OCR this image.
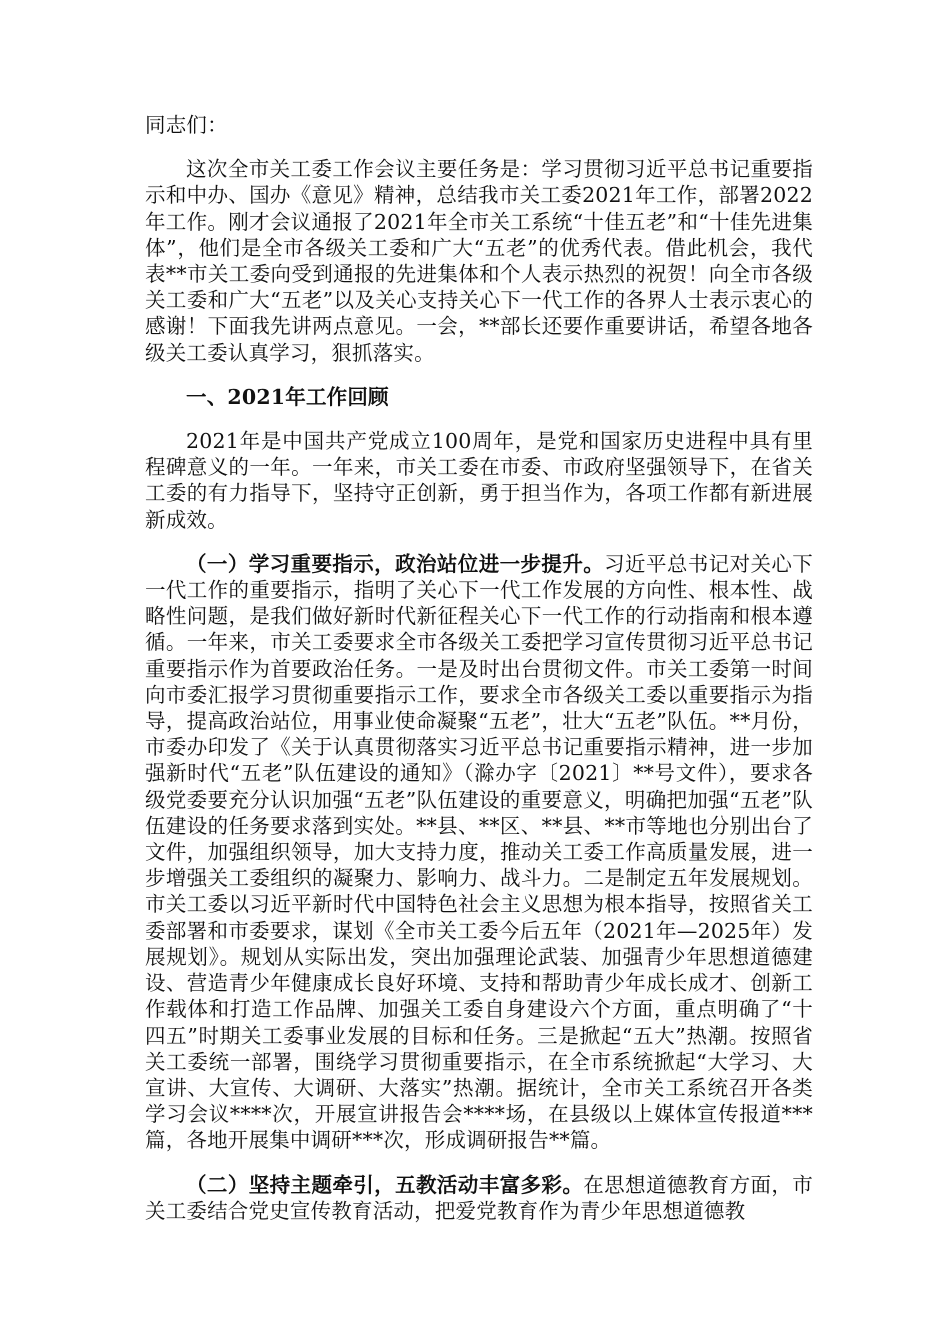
同志们：

这次全市关工委工作会议主要任务是：学习贯彻习近平总书记重要指示和中办、国办《意见》精神，总结我市关工委2021年工作，部署2022年工作。刚才会议通报了2021年全市关工系统“十佳五老”和“十佳先进集体”，他们是全市各级关工委和广大“五老”的优秀代表。借此机会，我代表**市关工委向受到通报的先进集体和个人表示热烈的祝贺！向全市各级关工委和广大“五老”以及关心支持关心下一代工作的各界人士表示衷心的感谢！下面我先讲两点意见。一会，**部长还要作重要讲话，希望各地各级关工委认真学习，狠抓落实。

一、2021年工作回顾

2021年是中国共产党成立100周年，是党和国家历史进程中具有里程碑意义的一年。一年来，市关工委在市委、市政府坚强领导下，在省关工委的有力指导下，坚持守正创新，勇于担当作为，各项工作都有新进展新成效。

（一）学习重要指示，政治站位进一步提升。习近平总书记对关心下一代工作的重要指示，指明了关心下一代工作发展的方向性、根本性、战略性问题，是我们做好新时代新征程关心下一代工作的行动指南和根本遵循。一年来，市关工委要求全市各级关工委把学习宣传贯彻习近平总书记重要指示作为首要政治任务。一是及时出台贯彻文件。市关工委第一时间向市委汇报学习贯彻重要指示工作，要求全市各级关工委以重要指示为指导，提高政治站位，用事业使命凝聚“五老”，壮大“五老”队伍。**月份，市委办印发了《关于认真贯彻落实习近平总书记重要指示精神，进一步加强新时代“五老”队伍建设的通知》（滁办字〔2021〕**号文件），要求各级党委要充分认识加强“五老”队伍建设的重要意义，明确把加强“五老”队伍建设的任务要求落到实处。**县、**区、**县、**市等地也分别出台了文件，加强组织领导，加大支持力度，推动关工委工作高质量发展，进一步增强关工委组织的凝聚力、影响力、战斗力。二是制定五年发展规划。市关工委以习近平新时代中国特色社会主义思想为根本指导，按照省关工委部署和市委要求，谋划《全市关工委今后五年（2021年—2025年）发展规划》。规划从实际出发，突出加强理论武装、加强青少年思想道德建设、营造青少年健康成长良好环境、支持和帮助青少年成长成才、创新工作载体和打造工作品牌、加强关工委自身建设六个方面，重点明确了“十四五”时期关工委事业发展的目标和任务。三是掀起“五大”热潮。按照省关工委统一部署，围绕学习贯彻重要指示，在全市系统掀起“大学习、大宣讲、大宣传、大调研、大落实”热潮。据统计，全市关工系统召开各类学习会议****次，开展宣讲报告会****场，在县级以上媒体宣传报道***篇，各地开展集中调研***次，形成调研报告**篇。

（二）坚持主题牵引，五教活动丰富多彩。在思想道德教育方面，市关工委结合党史宣传教育活动，把爱党教育作为青少年思想道德教
